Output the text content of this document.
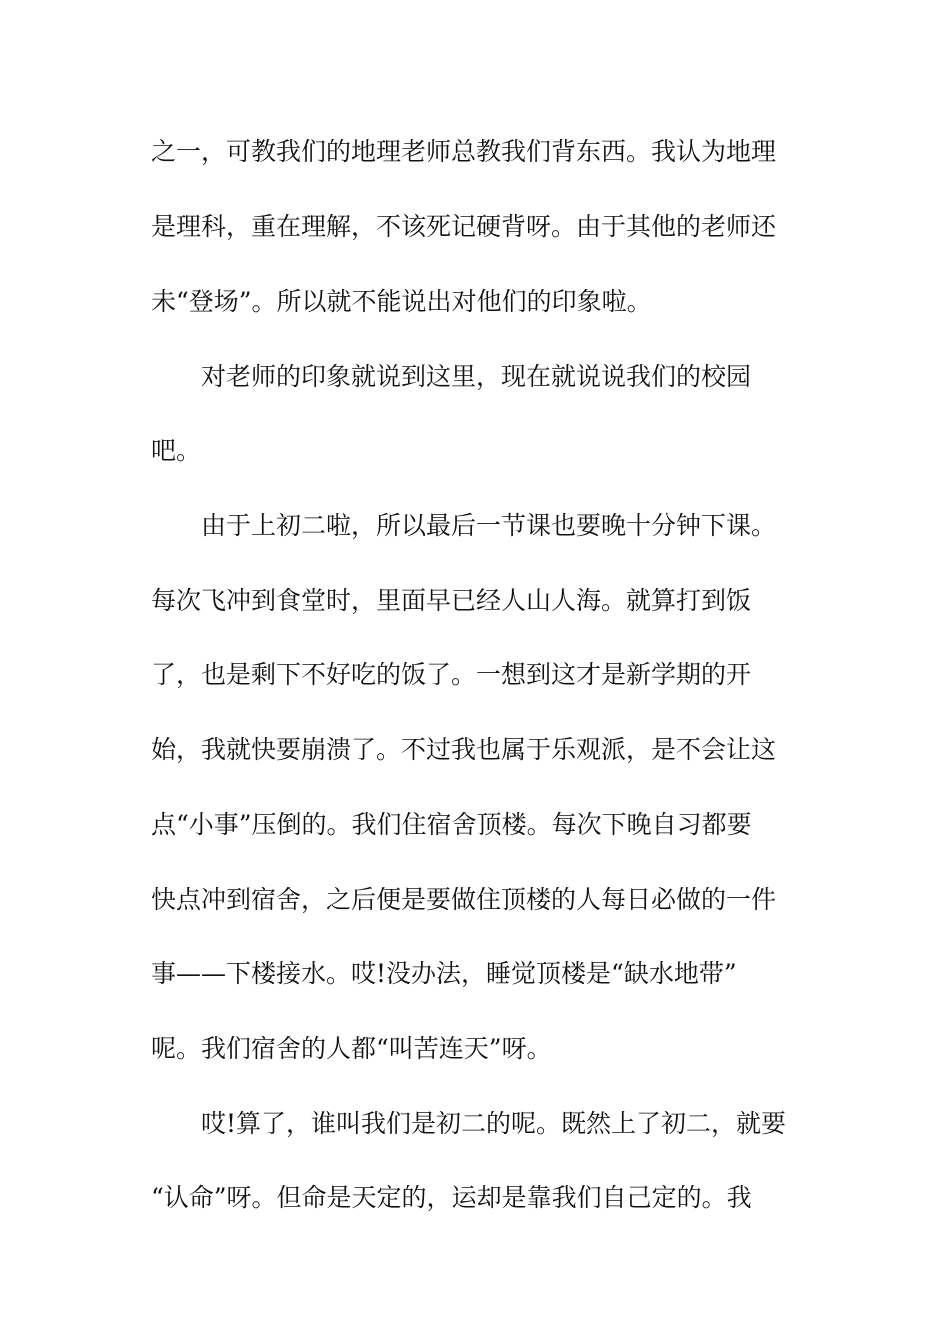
之一，可教我们的地理老师总教我们背东西。我认为地理
是理科，重在理解，不该死记硬背呀。由于其他的老师还
未“登场”。所以就不能说出对他们的印象啦。
　　对老师的印象就说到这里，现在就说说我们的校园
吧。
　　由于上初二啦，所以最后一节课也要晚十分钟下课。
每次飞冲到食堂时，里面早已经人山人海。就算打到饭
了，也是剩下不好吃的饭了。一想到这才是新学期的开
始，我就快要崩溃了。不过我也属于乐观派，是不会让这
点“小事”压倒的。我们住宿舍顶楼。每次下晚自习都要
快点冲到宿舍，之后便是要做住顶楼的人每日必做的一件
事——下楼接水。哎!没办法，睡觉顶楼是“缺水地带”
呢。我们宿舍的人都“叫苦连天”呀。
　　哎!算了，谁叫我们是初二的呢。既然上了初二，就要
“认命”呀。但命是天定的，运却是靠我们自己定的。我
